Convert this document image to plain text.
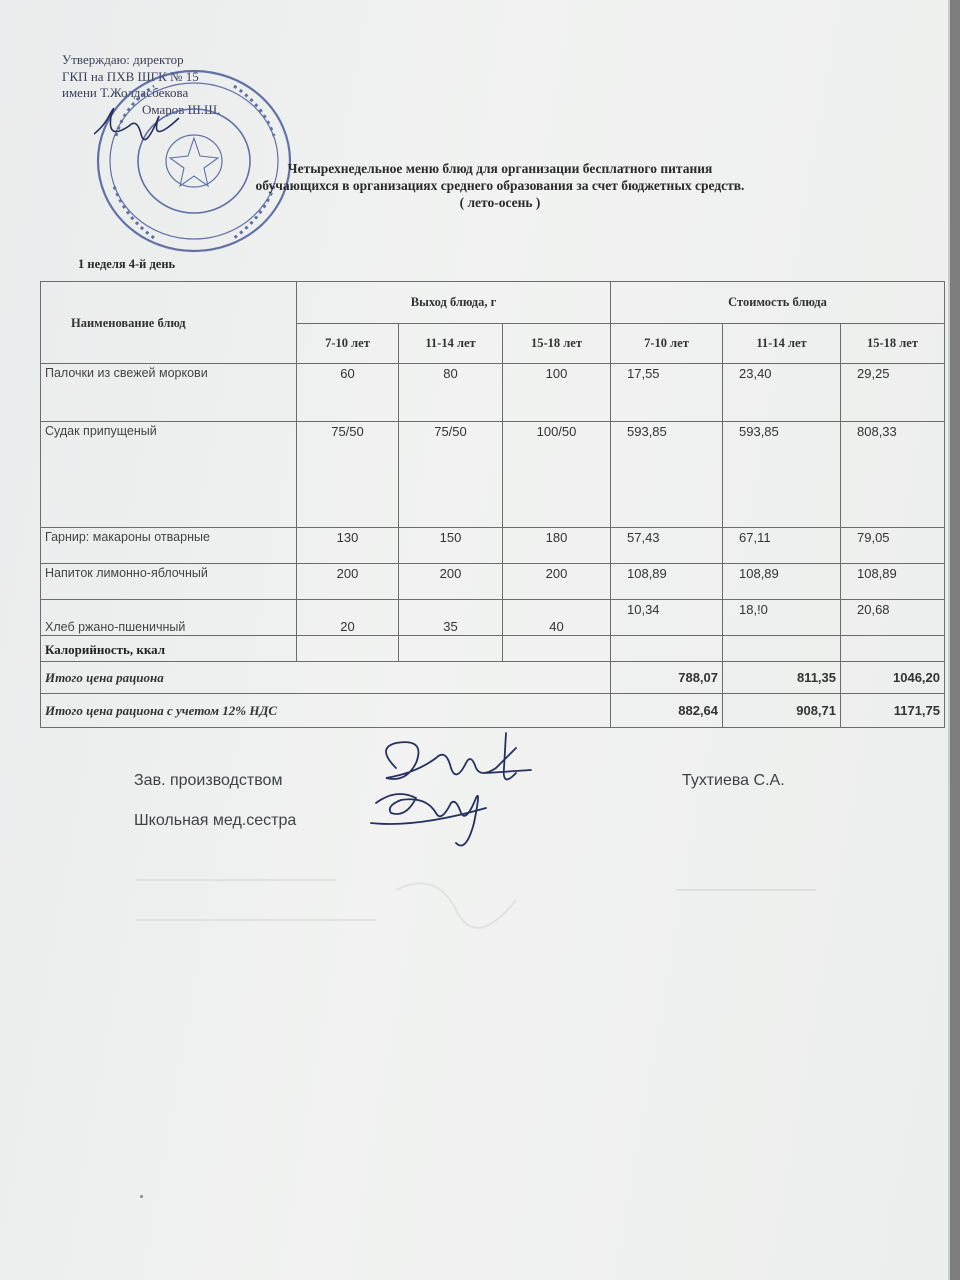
Утверждаю: директор
ГКП на ПХВ ШГК № 15
имени Т.Жолдасбекова
Омаров Ш.Ш.
Четырехнедельное меню блюд для организации бесплатного питания
обучающихся в организациях среднего образования за счет бюджетных средств.
( лето-осень )
1 неделя 4-й день
Наименование блюд	Выход блюда, г			Стоимость блюда		
	7-10 лет	11-14 лет	15-18 лет	7-10 лет	11-14 лет	15-18 лет
Палочки из свежей моркови	60	80	100	17,55	23,40	29,25
Судак припущеный	75/50	75/50	100/50	593,85	593,85	808,33
Гарнир: макароны отварные	130	150	180	57,43	67,11	79,05
Напиток лимонно-яблочный	200	200	200	108,89	108,89	108,89
Хлеб ржано-пшеничный	20	35	40	10,34	18,!0	20,68
Калорийность, ккал						
Итого цена рациона				788,07	811,35	1046,20
Итого цена рациона с учетом 12% НДС				882,64	908,71	1171,75
Зав. производством	Тухтиева С.А.
Школьная мед.сестра
